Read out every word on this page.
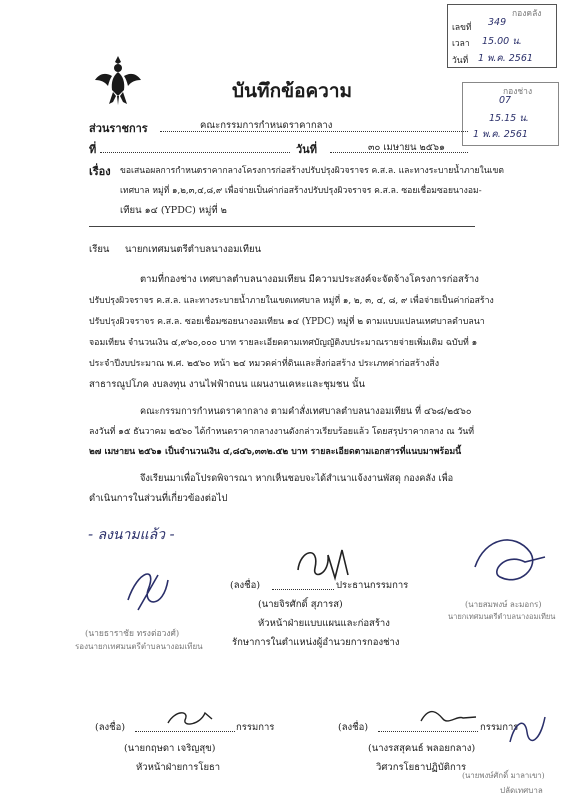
กองคลัง
เลขที่ 349
เวลา 15.00 น.
วันที่ 1 พ.ค. 2561
กองช่าง
07
15.15 น.
1 พ.ค. 2561
บันทึกข้อความ
ส่วนราชการ	คณะกรรมการกำหนดราคากลาง
ที่	วันที่	๓๐ เมษายน ๒๕๖๑
เรื่อง ขอเสนอผลการกำหนดราคากลางโครงการก่อสร้างปรับปรุงผิวจราจร ค.ส.ล. และทางระบายน้ำภายในเขต
เทศบาล หมู่ที่ ๑,๒,๓,๔,๘,๙ เพื่อจ่ายเป็นค่าก่อสร้างปรับปรุงผิวจราจร ค.ส.ล. ซอยเชื่อมซอยนางอม-
เทียน ๑๔ (YPDC) หมู่ที่ ๒
เรียน นายกเทศมนตรีตำบลนางอมเทียน
ตามที่กองช่าง เทศบาลตำบลนางอมเทียน มีความประสงค์จะจัดจ้างโครงการก่อสร้าง
ปรับปรุงผิวจราจร ค.ส.ล. และทางระบายน้ำภายในเขตเทศบาล หมู่ที่ ๑, ๒, ๓, ๔, ๘, ๙ เพื่อจ่ายเป็นค่าก่อสร้าง
ปรับปรุงผิวจราจร ค.ส.ล. ซอยเชื่อมซอยนางอมเทียน ๑๔ (YPDC) หมู่ที่ ๒ ตามแบบแปลนเทศบาลตำบลนา
จอมเทียน จำนวนเงิน ๔,๙๖๐,๐๐๐ บาท รายละเอียดตามเทศบัญญัติงบประมาณรายจ่ายเพิ่มเติม ฉบับที่ ๑
ประจำปีงบประมาณ พ.ศ. ๒๕๖๐ หน้า ๒๔ หมวดค่าที่ดินและสิ่งก่อสร้าง ประเภทค่าก่อสร้างสิ่ง
สาธารณูปโภค งบลงทุน งานไฟฟ้าถนน แผนงานเคหะและชุมชน นั้น
คณะกรรมการกำหนดราคากลาง ตามคำสั่งเทศบาลตำบลนางอมเทียน ที่ ๔๖๘/๒๕๖๐
ลงวันที่ ๑๕ ธันวาคม ๒๕๖๐ ได้กำหนดราคากลางงานดังกล่าวเรียบร้อยแล้ว โดยสรุปราคากลาง ณ วันที่
๒๗ เมษายน ๒๕๖๑ เป็นจำนวนเงิน ๔,๘๔๖,๓๓๒.๕๒ บาท รายละเอียดตามเอกสารที่แนบมาพร้อมนี้
จึงเรียนมาเพื่อโปรดพิจารณา หากเห็นชอบจะได้สำเนาแจ้งงานพัสดุ กองคลัง เพื่อ
ดำเนินการในส่วนที่เกี่ยวข้องต่อไป
- ลงนามแล้ว -
(นายธาราชัย ทรงต่อวงศ์)
รองนายกเทศมนตรีตำบลนางอมเทียน
(ลงชื่อ)	ประธานกรรมการ
(นายจิรศักดิ์ สุภารส)
หัวหน้าฝ่ายแบบแผนและก่อสร้าง
รักษาการในตำแหน่งผู้อำนวยการกองช่าง
(นายสมพงษ์ ละมอกร)
นายกเทศมนตรีตำบลนางอมเทียน
(ลงชื่อ)	กรรมการ
(นายกฤษดา เจริญสุข)
หัวหน้าฝ่ายการโยธา
(ลงชื่อ)	กรรมการ
(นางรสสุคนธ์ พลอยกลาง)
วิศวกรโยธาปฏิบัติการ
(นายพงษ์ศักดิ์ มาลาเขา)
ปลัดเทศบาล
